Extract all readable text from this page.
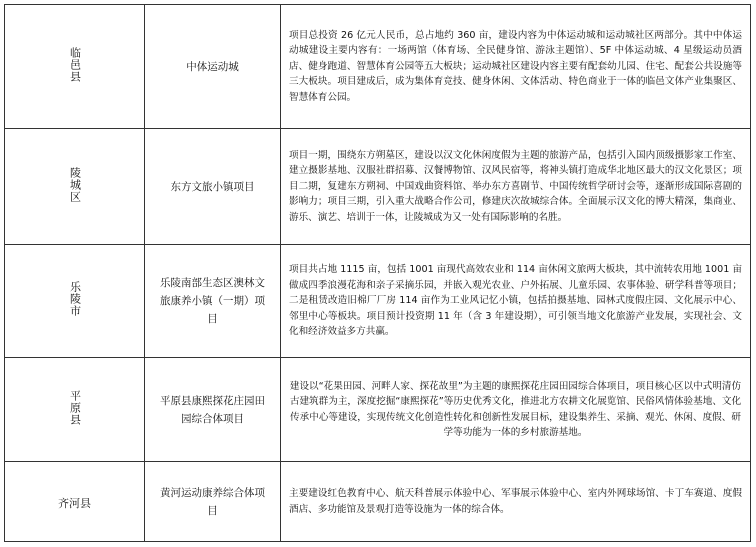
临邑县	中体运动城	项目总投资 26 亿元人民币，总占地约 360 亩，建设内容为中体运动城和运动城社区两部分。其中中体运动城建设主要内容有：一场两馆（体育场、全民健身馆、游泳主题馆）、5F 中体运动城、4 星级运动员酒店、健身跑道、智慧体育公园等五大板块；运动城社区建设内容主要有配套幼儿园、住宅、配套公共设施等三大板块。项目建成后，成为集体育竞技、健身休闲、文体活动、特色商业于一体的临邑文体产业集聚区、智慧体育公园。

陵城区	东方文旅小镇项目	项目一期，围绕东方朔墓区，建设以汉文化休闲度假为主题的旅游产品，包括引入国内顶级摄影家工作室、建立摄影基地、汉服社群招募、汉餐博物馆、汉风民宿等，将神头镇打造成华北地区最大的汉文化景区；项目二期，复建东方朔祠、中国戏曲资料馆、举办东方喜剧节、中国传统哲学研讨会等，逐渐形成国际喜剧的影响力；项目三期，引入重大战略合作公司，修建庆次故城综合体。全面展示汉文化的博大精深，集商业、游乐、演艺、培训于一体，让陵城成为又一处有国际影响的名胜。

乐陵市	乐陵南部生态区澳林文旅康养小镇（一期）项目	项目共占地 1115 亩，包括 1001 亩现代高效农业和 114 亩休闲文旅两大板块，其中流转农用地 1001 亩做成四季浪漫花海和亲子采摘乐园，并嵌入观光农业、户外拓展、儿童乐园、农事体验、研学科普等项目；二是租赁改造旧棉厂厂房 114 亩作为工业风记忆小镇，包括拍摄基地、园林式度假庄园、文化展示中心、邻里中心等板块。项目预计投资期 11 年（含 3 年建设期），可引领当地文化旅游产业发展，实现社会、文化和经济效益多方共赢。

平原县	平原县康熙探花庄园田园综合体项目	建设以“花果田园、河畔人家、探花故里”为主题的康熙探花庄园田园综合体项目，项目核心区以中式明清仿古建筑群为主，深度挖掘“康熙探花”等历史优秀文化，推进北方农耕文化展览馆、民俗风情体验基地、文化传承中心等建设，实现传统文化创造性转化和创新性发展目标，建设集养生、采摘、观光、休闲、度假、研学等功能为一体的乡村旅游基地。

齐河县	黄河运动康养综合体项目	主要建设红色教育中心、航天科普展示体验中心、军事展示体验中心、室内外网球场馆、卡丁车赛道、度假酒店、多功能馆及景观打造等设施为一体的综合体。
